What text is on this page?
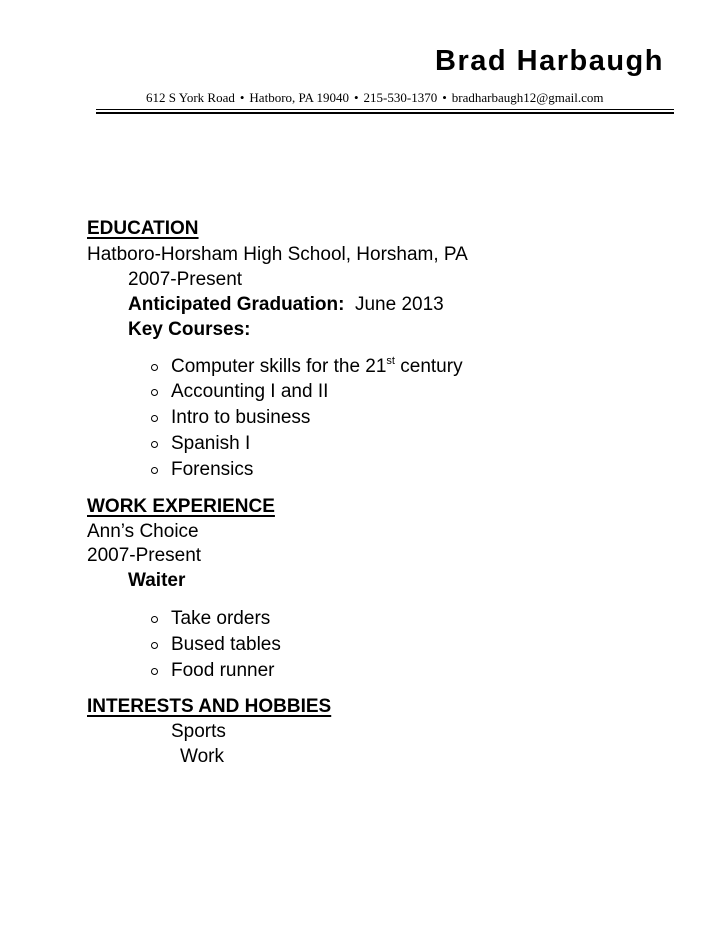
Brad Harbaugh
612 S York Road • Hatboro, PA 19040 • 215-530-1370 • bradharbaugh12@gmail.com
EDUCATION
Hatboro-Horsham High School, Horsham, PA
2007-Present
Anticipated Graduation: June 2013
Key Courses:
Computer skills for the 21st century
Accounting I and II
Intro to business
Spanish I
Forensics
WORK EXPERIENCE
Ann’s Choice
2007-Present
Waiter
Take orders
Bused tables
Food runner
INTERESTS AND HOBBIES
Sports
Work
